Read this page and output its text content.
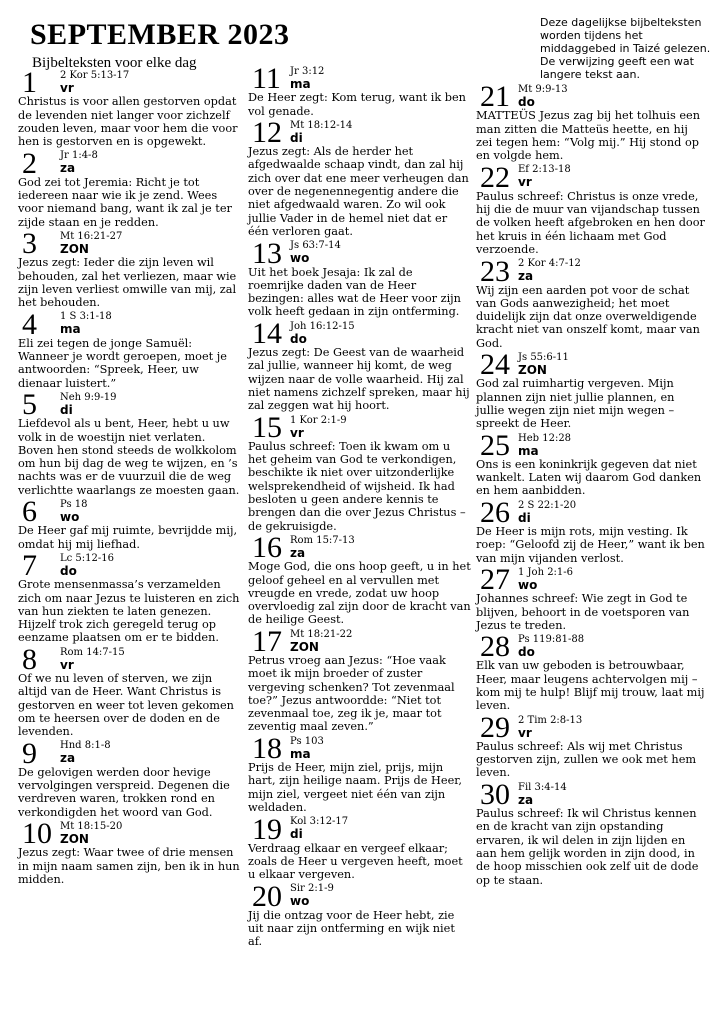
SEPTEMBER 2023

Bijbelteksten voor elke dag

Deze dagelijkse bijbelteksten worden tijdens het middaggebed in Taizé gelezen. De verwijzing geeft een wat langere tekst aan.

1	2 Kor 5:13-17
vr
Christus is voor allen gestorven opdat de levenden niet langer voor zichzelf zouden leven, maar voor hem die voor hen is gestorven en is opgewekt.
2	Jr 1:4-8
za
God zei tot Jeremia: Richt je tot iedereen naar wie ik je zend. Wees voor niemand bang, want ik zal je ter zijde staan en je redden.
3	Mt 16:21-27
ZON
Jezus zegt: Ieder die zijn leven wil behouden, zal het verliezen, maar wie zijn leven verliest omwille van mij, zal het behouden.
4	1 S 3:1-18
ma
Eli zei tegen de jonge Samuël: Wanneer je wordt geroepen, moet je antwoorden: “Spreek, Heer, uw dienaar luistert.”
5	Neh 9:9-19
di
Liefdevol als u bent, Heer, hebt u uw volk in de woestijn niet verlaten. Boven hen stond steeds de wolkkolom om hun bij dag de weg te wijzen, en ’s nachts was er de vuurzuil die de weg verlichtte waarlangs ze moesten gaan.
6	Ps 18
wo
De Heer gaf mij ruimte, bevrijdde mij, omdat hij mij liefhad.
7	Lc 5:12-16
do
Grote mensenmassa’s verzamelden zich om naar Jezus te luisteren en zich van hun ziekten te laten genezen. Hijzelf trok zich geregeld terug op eenzame plaatsen om er te bidden.
8	Rom 14:7-15
vr
Of we nu leven of sterven, we zijn altijd van de Heer. Want Christus is gestorven en weer tot leven gekomen om te heersen over de doden en de levenden.
9	Hnd 8:1-8
za
De gelovigen werden door hevige vervolgingen verspreid. Degenen die verdreven waren, trokken rond en verkondigden het woord van God.
10 Mt 18:15-20
ZON
Jezus zegt: Waar twee of drie mensen in mijn naam samen zijn, ben ik in hun midden.
11 Jr 3:12
ma
De Heer zegt: Kom terug, want ik ben vol genade.
12 Mt 18:12-14
di
Jezus zegt: Als de herder het afgedwaalde schaap vindt, dan zal hij zich over dat ene meer verheugen dan over de negenennegentig andere die niet afgedwaald waren. Zo wil ook jullie Vader in de hemel niet dat er één verloren gaat.
13 Js 63:7-14
wo
Uit het boek Jesaja: Ik zal de roemrijke daden van de Heer bezingen: alles wat de Heer voor zijn volk heeft gedaan in zijn ontferming.
14 Joh 16:12-15
do
Jezus zegt: De Geest van de waarheid zal jullie, wanneer hij komt, de weg wijzen naar de volle waarheid. Hij zal niet namens zichzelf spreken, maar hij zal zeggen wat hij hoort.
15 1 Kor 2:1-9
vr
Paulus schreef: Toen ik kwam om u het geheim van God te verkondigen, beschikte ik niet over uitzonderlijke welsprekendheid of wijsheid. Ik had besloten u geen andere kennis te brengen dan die over Jezus Christus – de gekruisigde.
16 Rom 15:7-13
za
Moge God, die ons hoop geeft, u in het geloof geheel en al vervullen met vreugde en vrede, zodat uw hoop overvloedig zal zijn door de kracht van de heilige Geest.
17 Mt 18:21-22
ZON
Petrus vroeg aan Jezus: “Hoe vaak moet ik mijn broeder of zuster vergeving schenken? Tot zevenmaal toe?” Jezus antwoordde: “Niet tot zevenmaal toe, zeg ik je, maar tot zeventig maal zeven.”
18 Ps 103
ma
Prijs de Heer, mijn ziel, prijs, mijn hart, zijn heilige naam. Prijs de Heer, mijn ziel, vergeet niet één van zijn weldaden.
19 Kol 3:12-17
di
Verdraag elkaar en vergeef elkaar; zoals de Heer u vergeven heeft, moet u elkaar vergeven.
20 Sir 2:1-9
wo
Jij die ontzag voor de Heer hebt, zie uit naar zijn ontferming en wijk niet af.
21 Mt 9:9-13
do
MATTEÜS Jezus zag bij het tolhuis een man zitten die Matteüs heette, en hij zei tegen hem: “Volg mij.” Hij stond op en volgde hem.
22 Ef 2:13-18
vr
Paulus schreef: Christus is onze vrede, hij die de muur van vijandschap tussen de volken heeft afgebroken en hen door het kruis in één lichaam met God verzoende.
23 2 Kor 4:7-12
za
Wij zijn een aarden pot voor de schat van Gods aanwezigheid; het moet duidelijk zijn dat onze overweldigende kracht niet van onszelf komt, maar van God.
24 Js 55:6-11
ZON
God zal ruimhartig vergeven. Mijn plannen zijn niet jullie plannen, en jullie wegen zijn niet mijn wegen – spreekt de Heer.
25 Heb 12:28
ma
Ons is een koninkrijk gegeven dat niet wankelt. Laten wij daarom God danken en hem aanbidden.
26 2 S 22:1-20
di
De Heer is mijn rots, mijn vesting. Ik roep: “Geloofd zij de Heer,” want ik ben van mijn vijanden verlost.
27 1 Joh 2:1-6
wo
Johannes schreef: Wie zegt in God te blijven, behoort in de voetsporen van Jezus te treden.
28 Ps 119:81-88
do
Elk van uw geboden is betrouwbaar, Heer, maar leugens achtervolgen mij – kom mij te hulp! Blijf mij trouw, laat mij leven.
29 2 Tim 2:8-13
vr
Paulus schreef: Als wij met Christus gestorven zijn, zullen we ook met hem leven.
30 Fil 3:4-14
za
Paulus schreef: Ik wil Christus kennen en de kracht van zijn opstanding ervaren, ik wil delen in zijn lijden en aan hem gelijk worden in zijn dood, in de hoop misschien ook zelf uit de dode op te staan.
